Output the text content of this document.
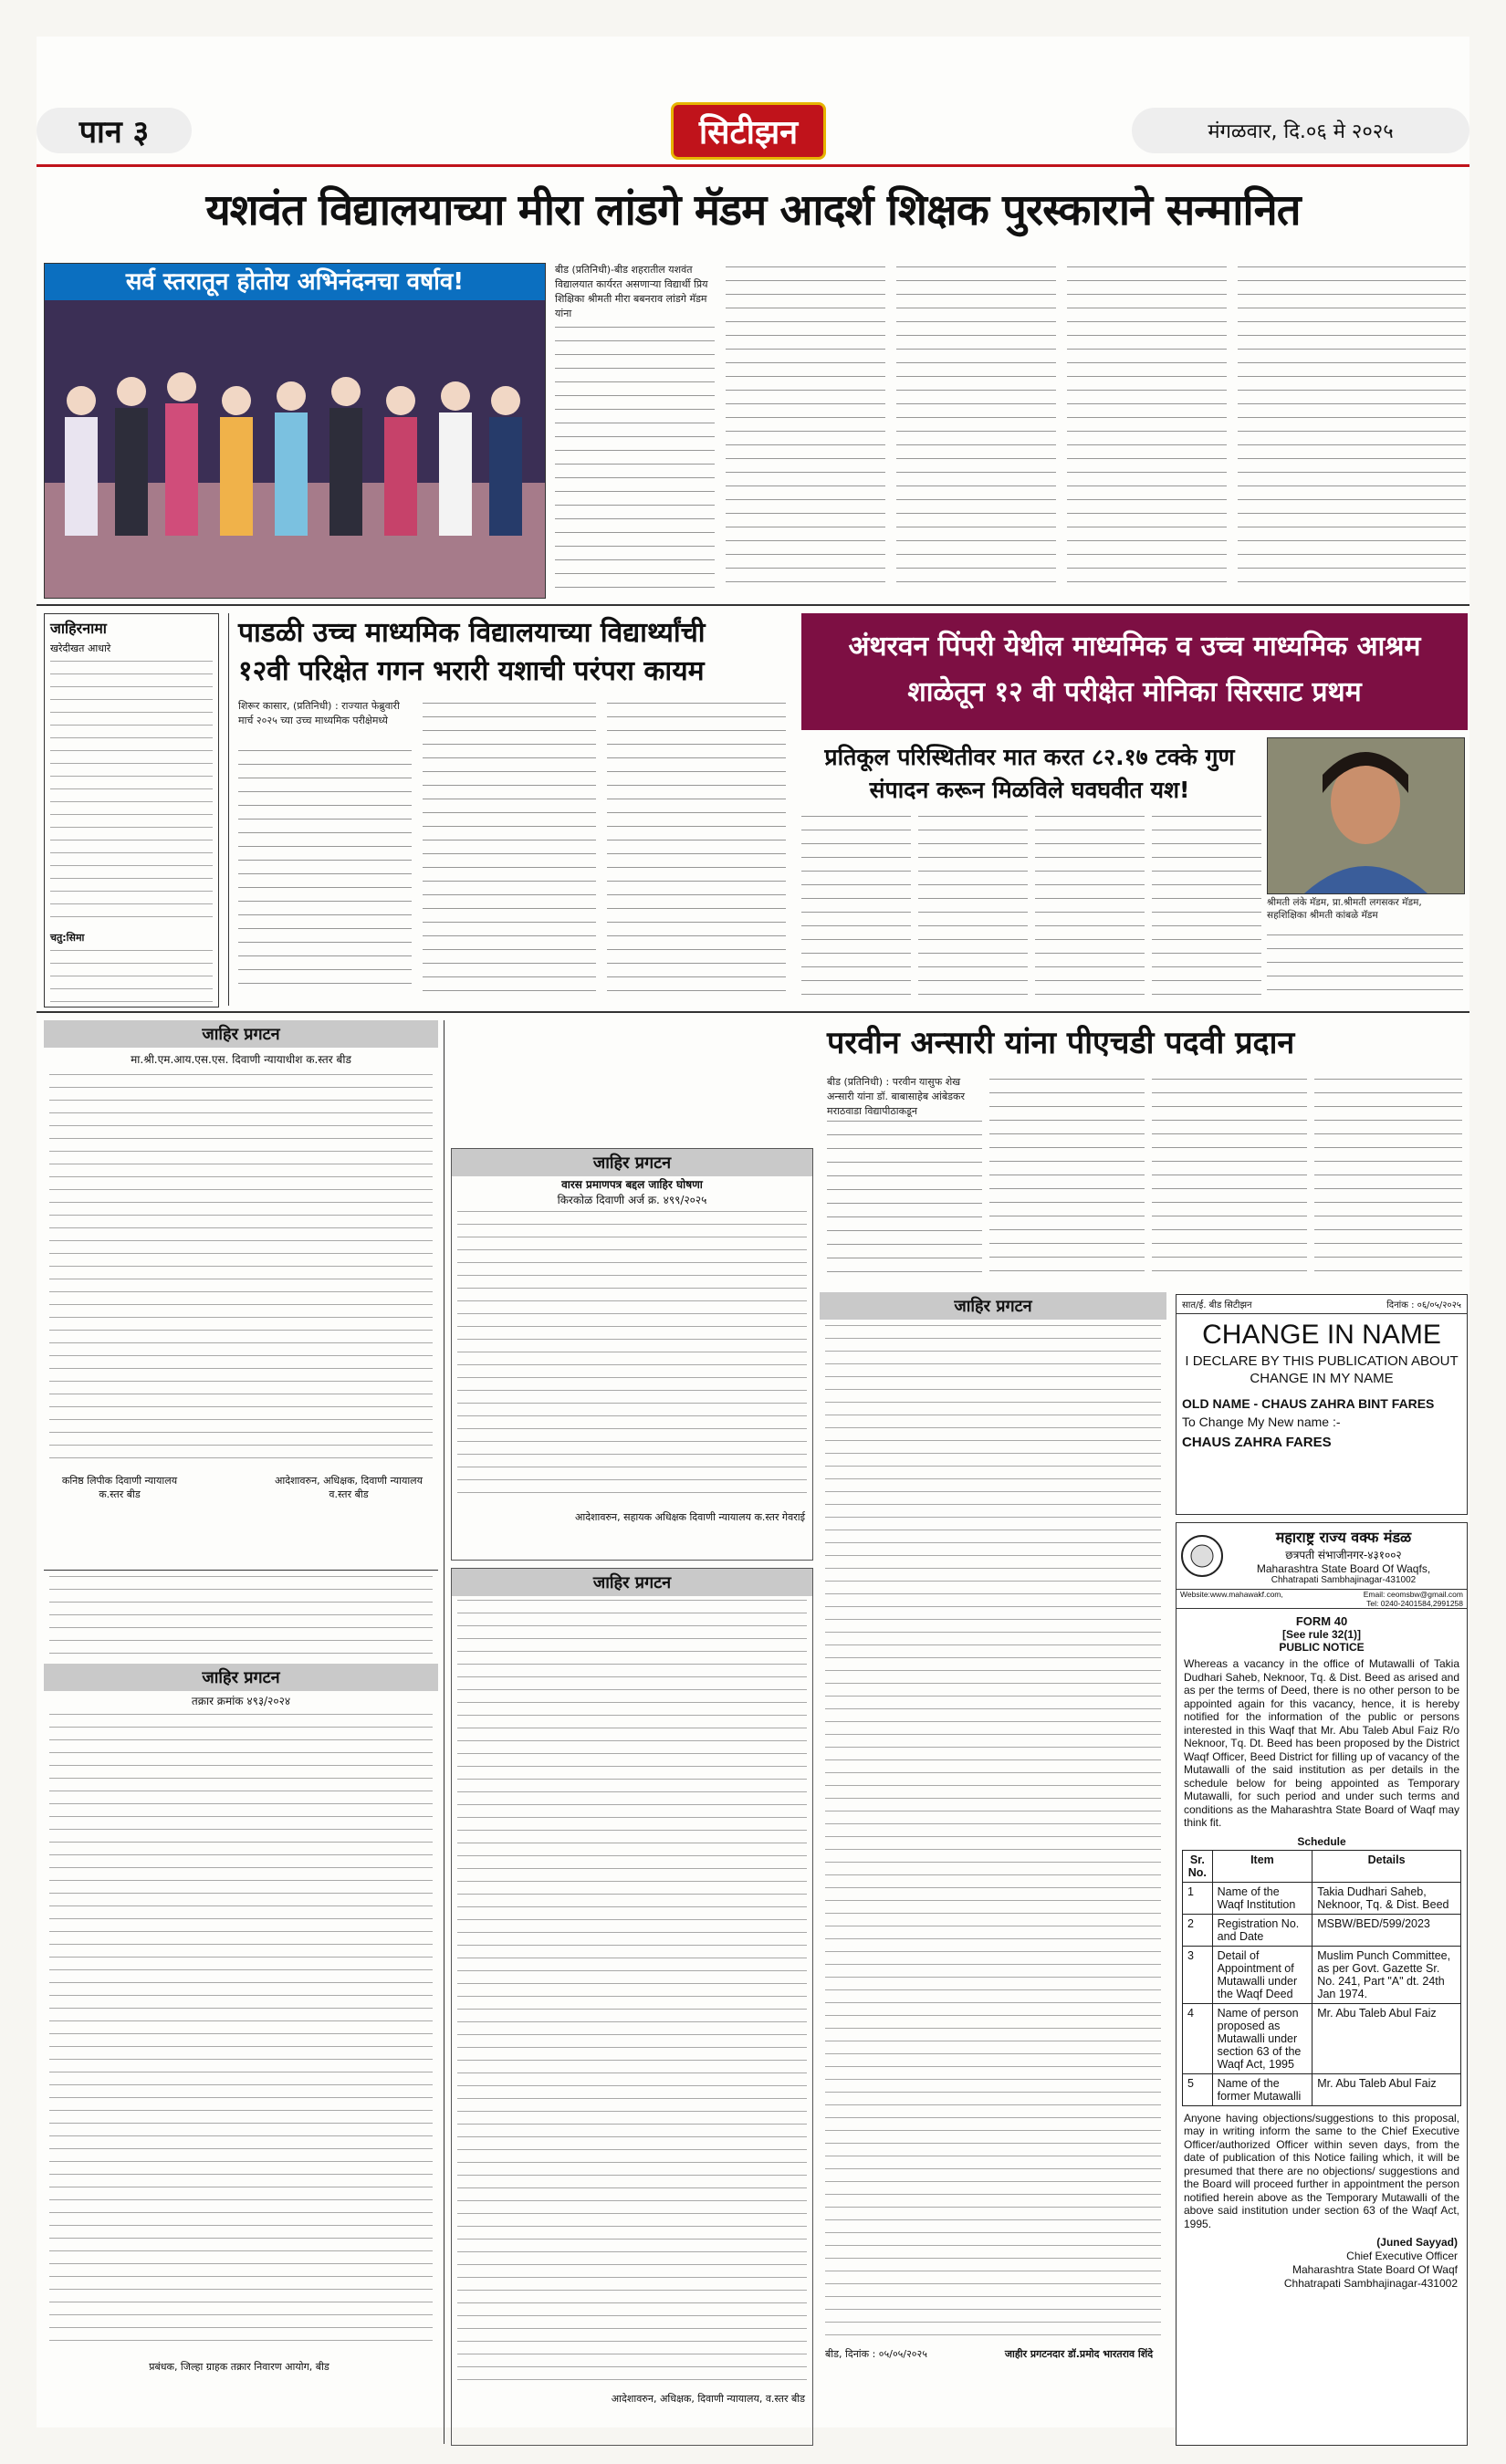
पान ३	सिटीझन	मंगळवार, दि.०६ मे २०२५
यशवंत विद्यालयाच्या मीरा लांडगे मॅडम आदर्श शिक्षक पुरस्काराने सन्मानित
सर्व स्तरातून होतोय अभिनंदनचा वर्षाव!	बीड (प्रतिनिधी)-बीड शहरातील यशवंत विद्यालयात कार्यरत असणाऱ्या विद्यार्थी प्रिय शिक्षिका श्रीमती मीरा बबनराव लांडगे मॅडम यांना
जाहिरनामा
खरेदीखत आधारे
चतु:सिमा
पाडळी उच्च माध्यमिक विद्यालयाच्या विद्यार्थ्यांची
१२वी परिक्षेत गगन भरारी यशाची परंपरा कायम
शिरूर कासार, (प्रतिनिधी) : राज्यात फेब्रुवारी मार्च २०२५ च्या उच्च माध्यमिक परीक्षेमध्ये
अंथरवन पिंपरी येथील माध्यमिक व उच्च माध्यमिक आश्रम शाळेतून १२ वी परीक्षेत मोनिका सिरसाट प्रथम
प्रतिकूल परिस्थितीवर मात करत ८२.१७ टक्के गुण संपादन करून मिळविले घवघवीत यश!
श्रीमती लंके मॅडम, प्रा.श्रीमती लगसकर मॅडम, सहशिक्षिका श्रीमती कांबळे मॅडम
जाहिर प्रगटन
मा.श्री.एम.आय.एस.एस. दिवाणी न्यायाधीश क.स्तर बीड
कनिष्ठ लिपीक दिवाणी न्यायालय क.स्तर बीड
आदेशावरुन, अधिक्षक, दिवाणी न्यायालय व.स्तर बीड
जाहिर प्रगटन
वारस प्रमाणपत्र बद्दल जाहिर घोषणा
किरकोळ दिवाणी अर्ज क्र. ४९९/२०२५
आदेशावरुन, सहायक अधिक्षक दिवाणी न्यायालय क.स्तर गेवराई
परवीन अन्सारी यांना पीएचडी पदवी प्रदान
बीड (प्रतिनिधी) : परवीन यासुफ शेख अन्सारी यांना डॉ. बाबासाहेब आंबेडकर मराठवाडा विद्यापीठाकडून
जाहिर प्रगटन
बीड, दिनांक : ०५/०५/२०२५	जाहीर प्रगटनदार डॉ.प्रमोद भारतराव शिंदे
सात/ई. बीड सिटीझन	दिनांक : ०६/०५/२०२५
CHANGE IN NAME
I DECLARE BY THIS PUBLICATION ABOUT CHANGE IN MY NAME
OLD NAME - CHAUS ZAHRA BINT FARES
To Change My New name :-
CHAUS ZAHRA FARES
महाराष्ट्र राज्य वक्फ मंडळ
छत्रपती संभाजीनगर-४३१००२
Maharashtra State Board Of Waqfs,
Chhatrapati Sambhajinagar-431002
Website:www.mahawakf.com,	Email: ceomsbw@gmail.com
Tel: 0240-2401584,2991258
FORM 40
[See rule 32(1)]
PUBLIC NOTICE
Whereas a vacancy in the office of Mutawalli of Takia Dudhari Saheb, Neknoor, Tq. & Dist. Beed as arised and as per the terms of Deed, there is no other person to be appointed again for this vacancy, hence, it is hereby notified for the information of the public or persons interested in this Waqf that Mr. Abu Taleb Abul Faiz R/o Neknoor, Tq. Dt. Beed has been proposed by the District Waqf Officer, Beed District for filling up of vacancy of the Mutawalli of the said institution as per details in the schedule below for being appointed as Temporary Mutawalli, for such period and under such terms and conditions as the Maharashtra State Board of Waqf may think fit.
Schedule
Sr. No.	Item	Details
1	Name of the Waqf Institution	Takia Dudhari Saheb, Neknoor, Tq. & Dist. Beed
2	Registration No. and Date	MSBW/BED/599/2023
3	Detail of Appointment of Mutawalli under the Waqf Deed	Muslim Punch Committee, as per Govt. Gazette Sr. No. 241, Part "A" dt. 24th Jan 1974.
4	Name of person proposed as Mutawalli under section 63 of the Waqf Act, 1995	Mr. Abu Taleb Abul Faiz
5	Name of the former Mutawalli	Mr. Abu Taleb Abul Faiz
Anyone having objections/suggestions to this proposal, may in writing inform the same to the Chief Executive Officer/authorized Officer within seven days, from the date of publication of this Notice failing which, it will be presumed that there are no objections/ suggestions and the Board will proceed further in appointment the person notified herein above as the Temporary Mutawalli of the above said institution under section 63 of the Waqf Act, 1995.
(Juned Sayyad)
Chief Executive Officer
Maharashtra State Board Of Waqf
Chhatrapati Sambhajinagar-431002
जाहिर प्रगटन
तक्रार क्रमांक ४९३/२०२४
प्रबंधक, जिल्हा ग्राहक तक्रार निवारण आयोग, बीड
जाहिर प्रगटन
आदेशावरुन, अधिक्षक, दिवाणी न्यायालय, व.स्तर बीड
